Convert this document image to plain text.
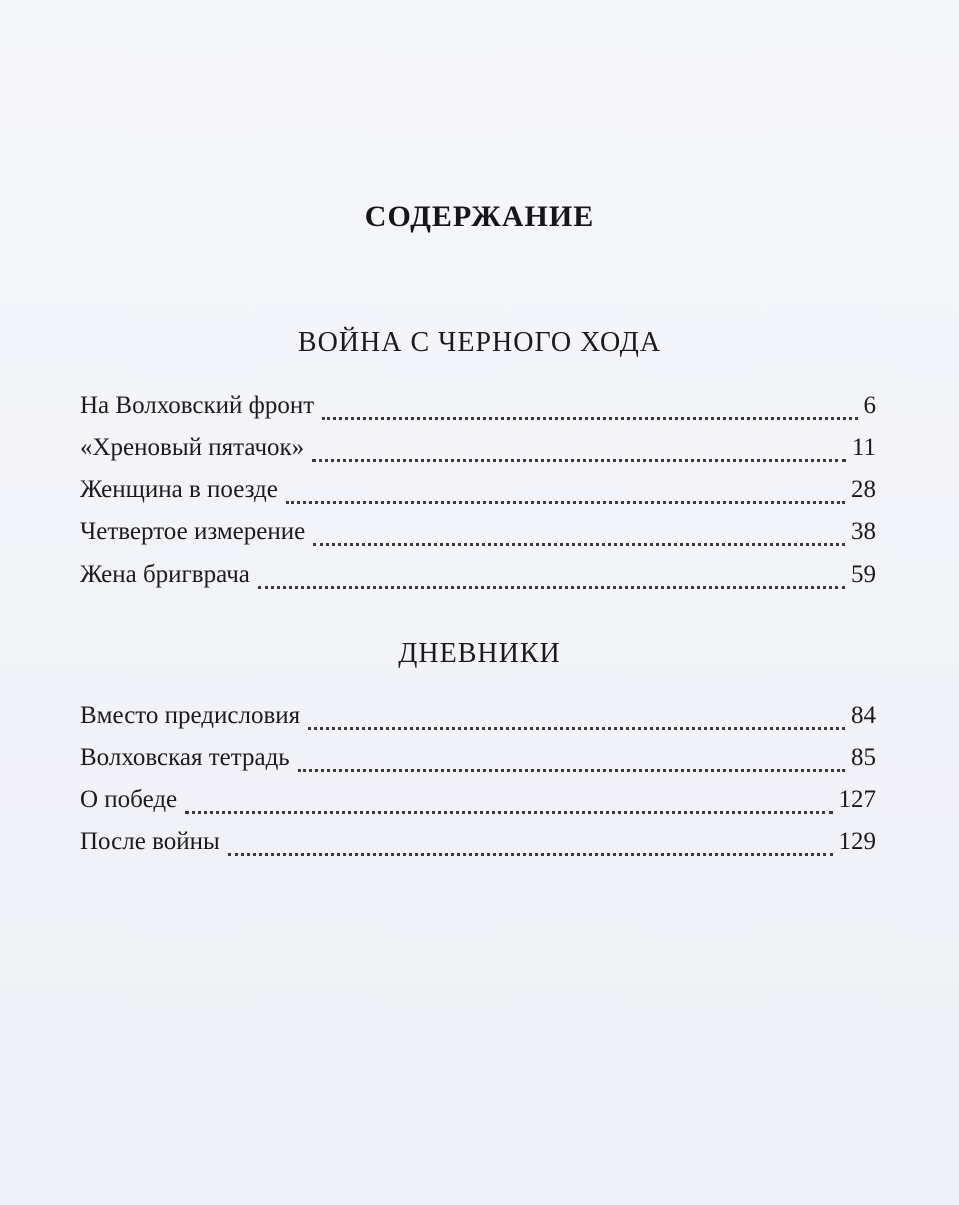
СОДЕРЖАНИЕ
ВОЙНА С ЧЕРНОГО ХОДА
На Волховский фронт	6
«Хреновый пятачок»	11
Женщина в поезде	28
Четвертое измерение	38
Жена бригврача	59
ДНЕВНИКИ
Вместо предисловия	84
Волховская тетрадь	85
О победе	127
После войны	129
